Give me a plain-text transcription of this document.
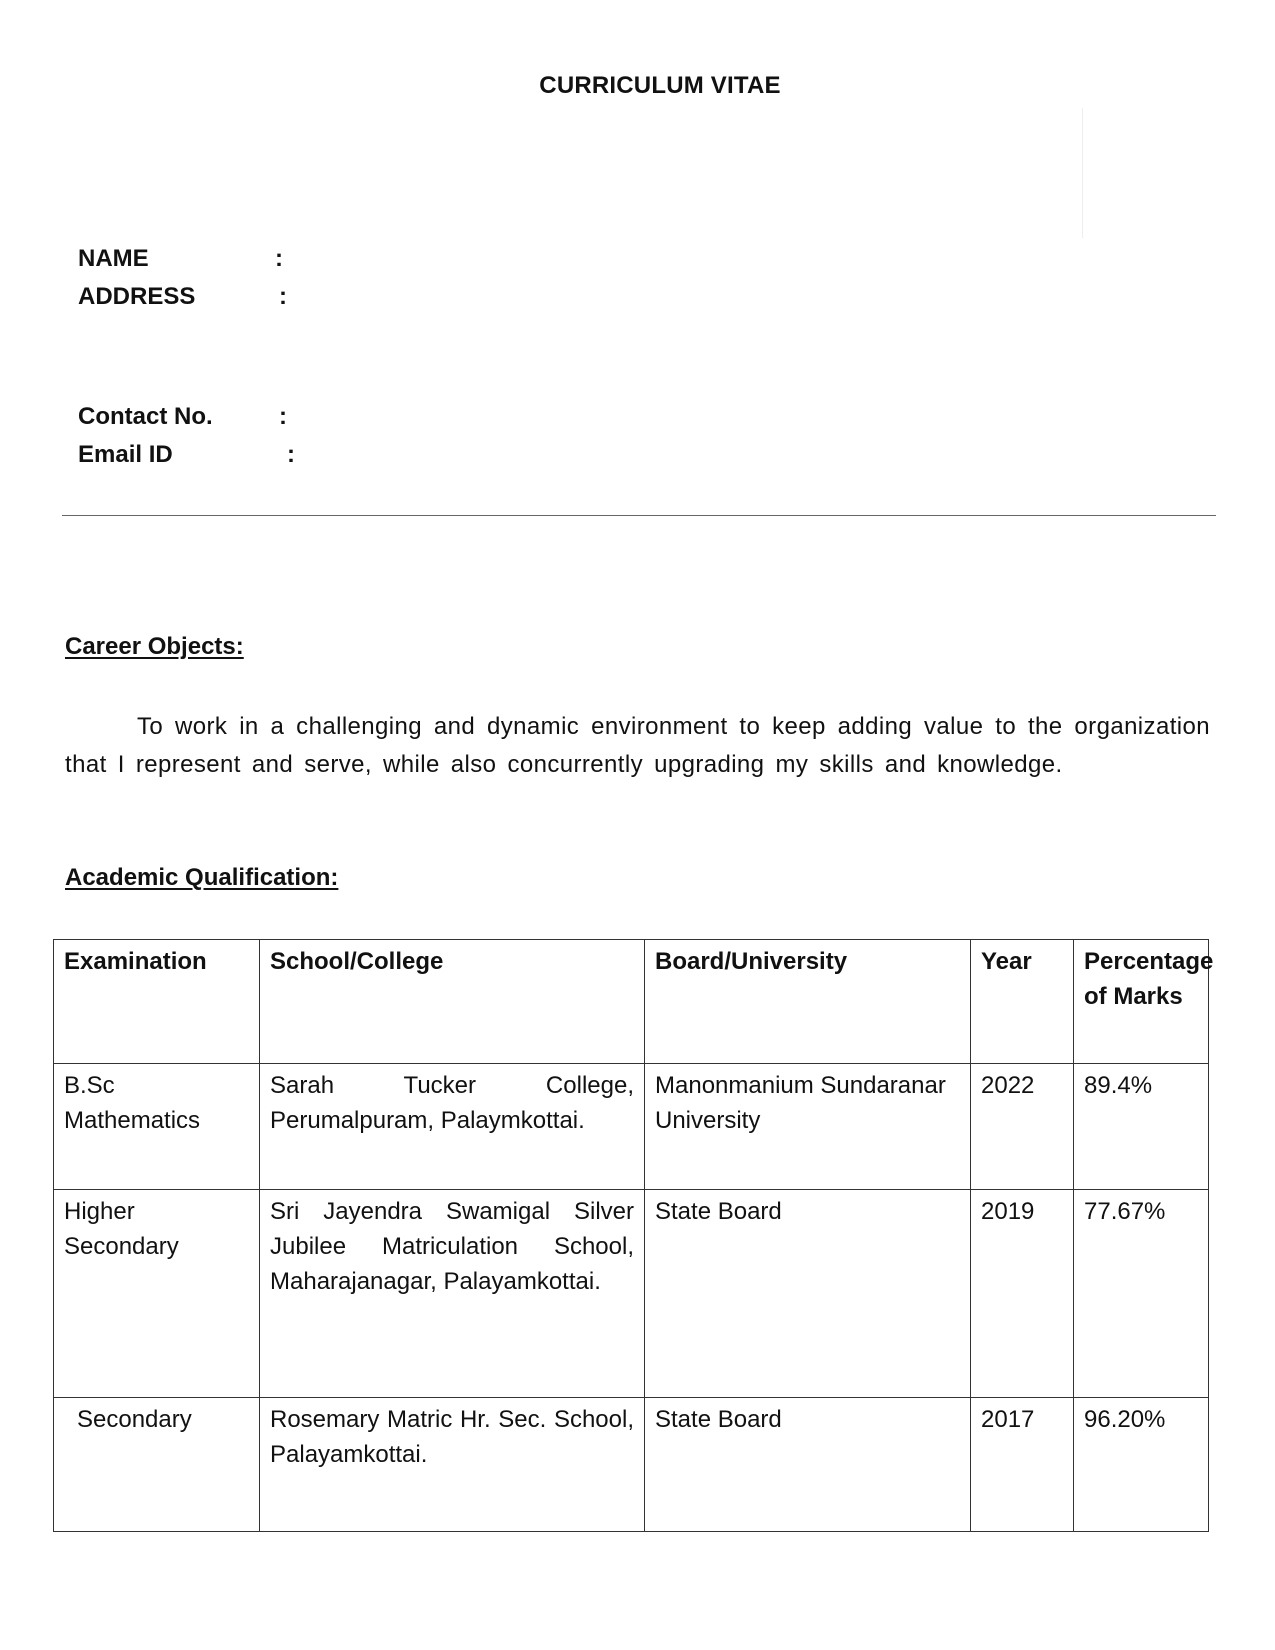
CURRICULUM VITAE
NAME	:
ADDRESS	:
Contact No.	:
Email ID	:
Career Objects:
To work in a challenging and dynamic environment to keep adding value to the organization that I represent and serve, while also concurrently upgrading my skills and knowledge.
Academic Qualification:
Examination	School/College	Board/University	Year	Percentage of Marks
B.Sc Mathematics	Sarah Tucker College, Perumalpuram, Palaymkottai.	Manonmanium Sundaranar University	2022	89.4%
Higher Secondary	Sri Jayendra Swamigal Silver Jubilee Matriculation School, Maharajanagar, Palayamkottai.	State Board	2019	77.67%
Secondary	Rosemary Matric Hr. Sec. School, Palayamkottai.	State Board	2017	96.20%
